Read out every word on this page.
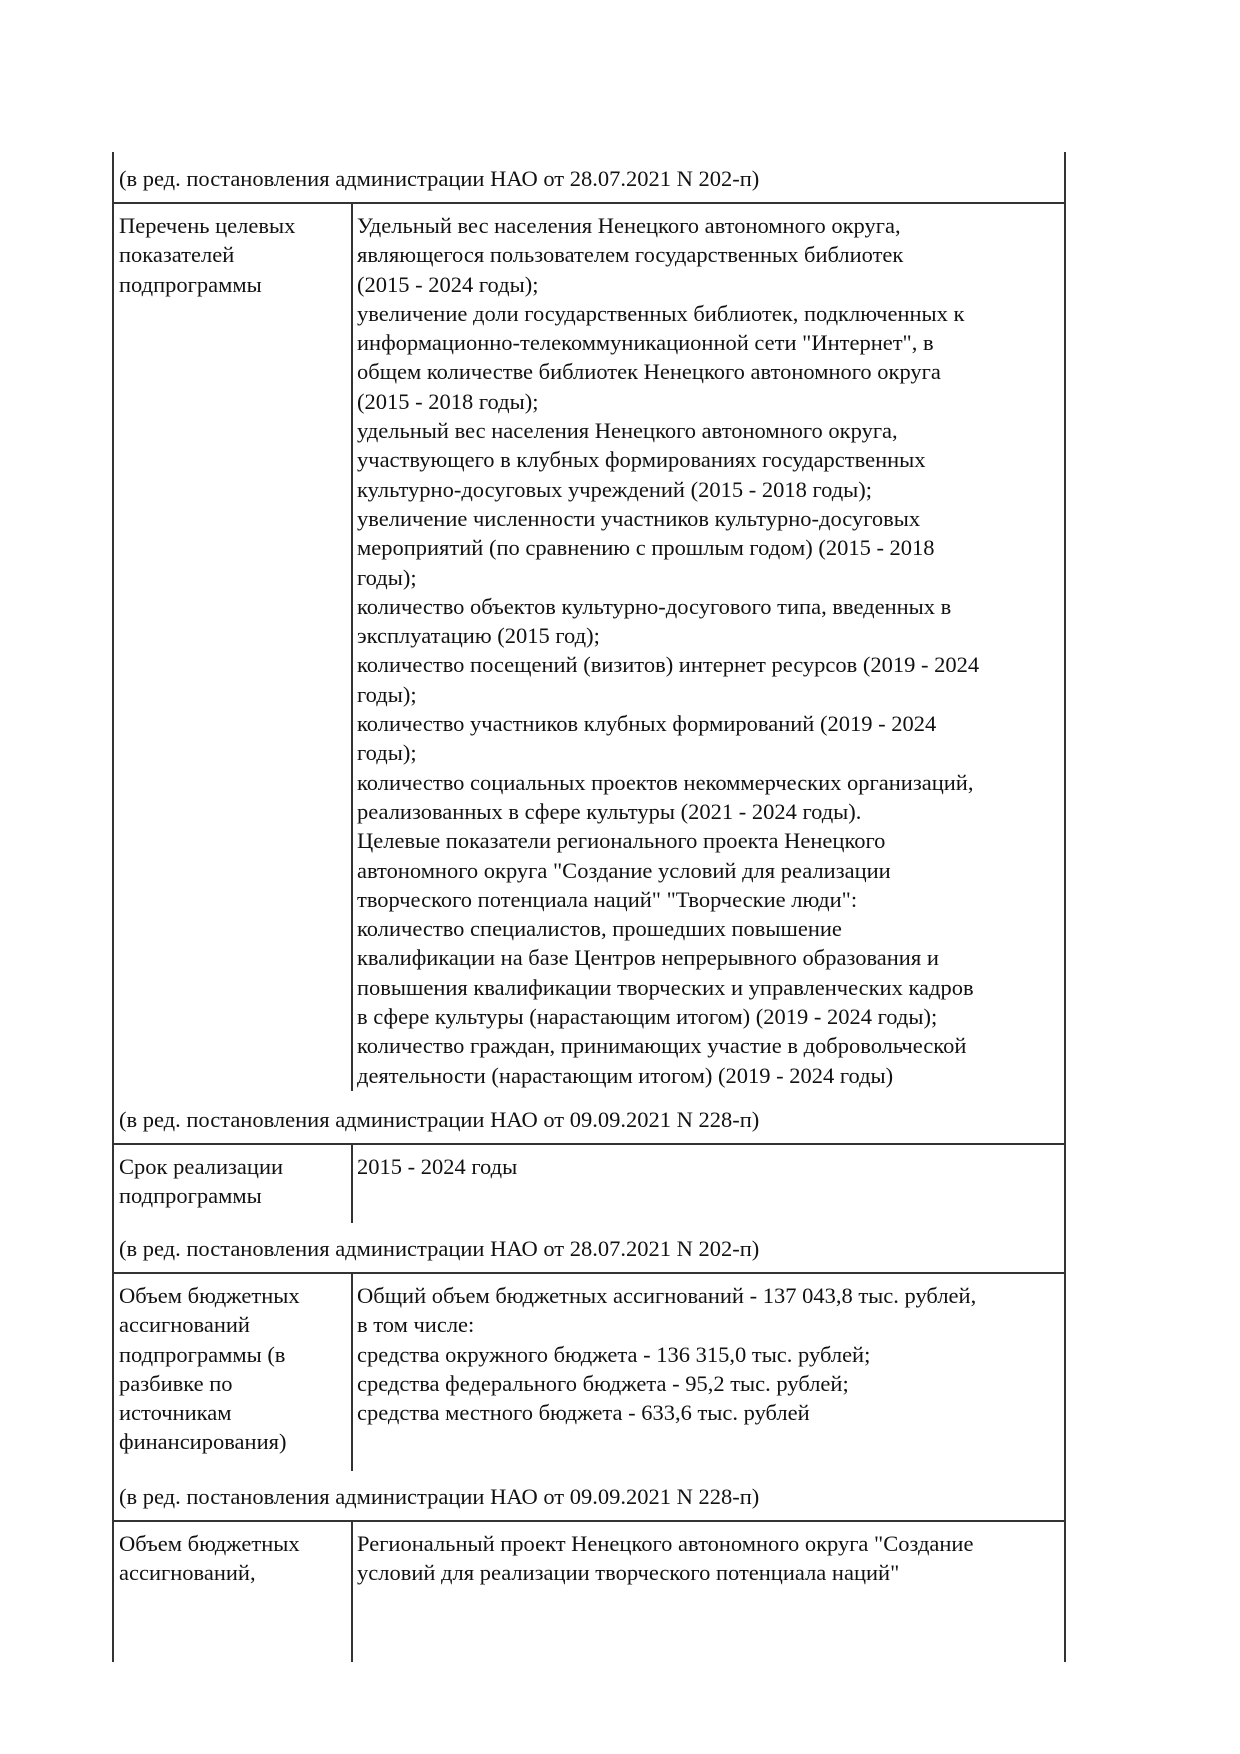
(в ред. постановления администрации НАО от 28.07.2021 N 202-п)
Перечень целевых
показателей
подпрограммы
Удельный вес населения Ненецкого автономного округа,
являющегося пользователем государственных библиотек
(2015 - 2024 годы);
увеличение доли государственных библиотек, подключенных к
информационно-телекоммуникационной сети "Интернет", в
общем количестве библиотек Ненецкого автономного округа
(2015 - 2018 годы);
удельный вес населения Ненецкого автономного округа,
участвующего в клубных формированиях государственных
культурно-досуговых учреждений (2015 - 2018 годы);
увеличение численности участников культурно-досуговых
мероприятий (по сравнению с прошлым годом) (2015 - 2018
годы);
количество объектов культурно-досугового типа, введенных в
эксплуатацию (2015 год);
количество посещений (визитов) интернет ресурсов (2019 - 2024
годы);
количество участников клубных формирований (2019 - 2024
годы);
количество социальных проектов некоммерческих организаций,
реализованных в сфере культуры (2021 - 2024 годы).
Целевые показатели регионального проекта Ненецкого
автономного округа "Создание условий для реализации
творческого потенциала наций" "Творческие люди":
количество специалистов, прошедших повышение
квалификации на базе Центров непрерывного образования и
повышения квалификации творческих и управленческих кадров
в сфере культуры (нарастающим итогом) (2019 - 2024 годы);
количество граждан, принимающих участие в добровольческой
деятельности (нарастающим итогом) (2019 - 2024 годы)
(в ред. постановления администрации НАО от 09.09.2021 N 228-п)
Срок реализации
подпрограммы
2015 - 2024 годы
(в ред. постановления администрации НАО от 28.07.2021 N 202-п)
Объем бюджетных
ассигнований
подпрограммы (в
разбивке по
источникам
финансирования)
Общий объем бюджетных ассигнований - 137 043,8 тыс. рублей,
в том числе:
средства окружного бюджета - 136 315,0 тыс. рублей;
средства федерального бюджета - 95,2 тыс. рублей;
средства местного бюджета - 633,6 тыс. рублей
(в ред. постановления администрации НАО от 09.09.2021 N 228-п)
Объем бюджетных
ассигнований,
Региональный проект Ненецкого автономного округа "Создание
условий для реализации творческого потенциала наций"
